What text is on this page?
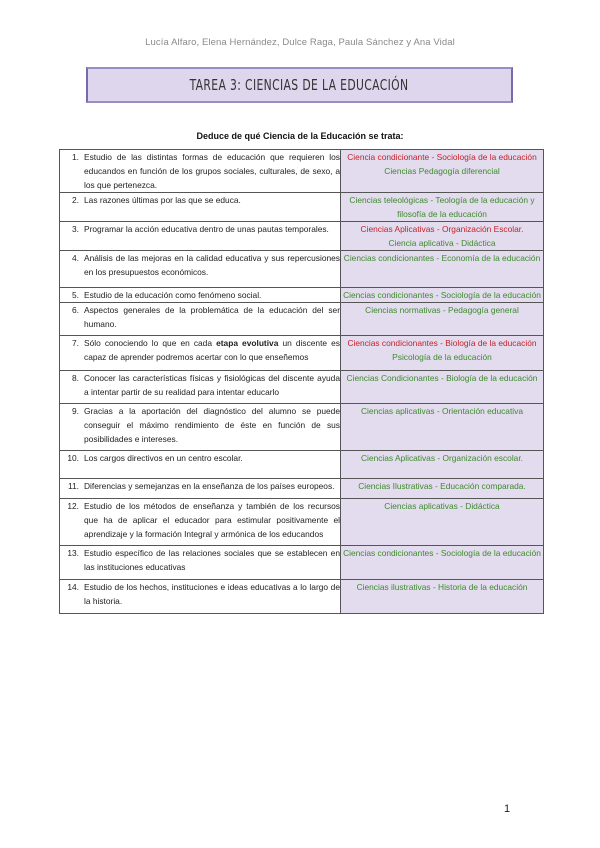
Lucía Alfaro, Elena Hernández, Dulce Raga, Paula Sánchez y Ana Vidal
TAREA 3: CIENCIAS DE LA EDUCACIÓN
Deduce de qué Ciencia de la Educación se trata:
1. Estudio de las distintas formas de educación que requieren los educandos en función de los grupos sociales, culturales, de sexo, a los que pertenezca.	Ciencia condicionante - Sociología de la educación
Ciencias Pedagogía diferencial

2. Las razones últimas por las que se educa.	Ciencias teleológicas - Teología de la educación y filosofía de la educación

3. Programar la acción educativa dentro de unas pautas temporales.	Ciencias Aplicativas - Organización Escolar.
Ciencia aplicativa - Didáctica

4. Análisis de las mejoras en la calidad educativa y sus repercusiones en los presupuestos económicos.	Ciencias condicionantes - Economía de la educación

5. Estudio de la educación como fenómeno social.	Ciencias condicionantes - Sociología de la educación

6. Aspectos generales de la problemática de la educación del ser humano.	Ciencias normativas - Pedagogía general

7. Sólo conociendo lo que en cada etapa evolutiva un discente es capaz de aprender podremos acertar con lo que enseñemos	Ciencias condicionantes - Biología de la educación Psicología de la educación

8. Conocer las características físicas y fisiológicas del discente ayuda a intentar partir de su realidad para intentar educarlo	Ciencias Condicionantes - Biología de la educación

9. Gracias a la aportación del diagnóstico del alumno se puede conseguir el máximo rendimiento de éste en función de sus posibilidades e intereses.	Ciencias aplicativas - Orientación educativa

10. Los cargos directivos en un centro escolar.	Ciencias Aplicativas - Organización escolar.

11. Diferencias y semejanzas en la enseñanza de los países europeos.	Ciencias Ilustrativas - Educación comparada.

12. Estudio de los métodos de enseñanza y también de los recursos que ha de aplicar el educador para estimular positivamente el aprendizaje y la formación Integral y armónica de los educandos	Ciencias aplicativas - Didáctica

13. Estudio específico de las relaciones sociales que se establecen en las instituciones educativas	Ciencias condicionantes - Sociología de la educación

14. Estudio de los hechos, instituciones e ideas educativas a lo largo de la historia.	Ciencias ilustrativas - Historia de la educación
1
